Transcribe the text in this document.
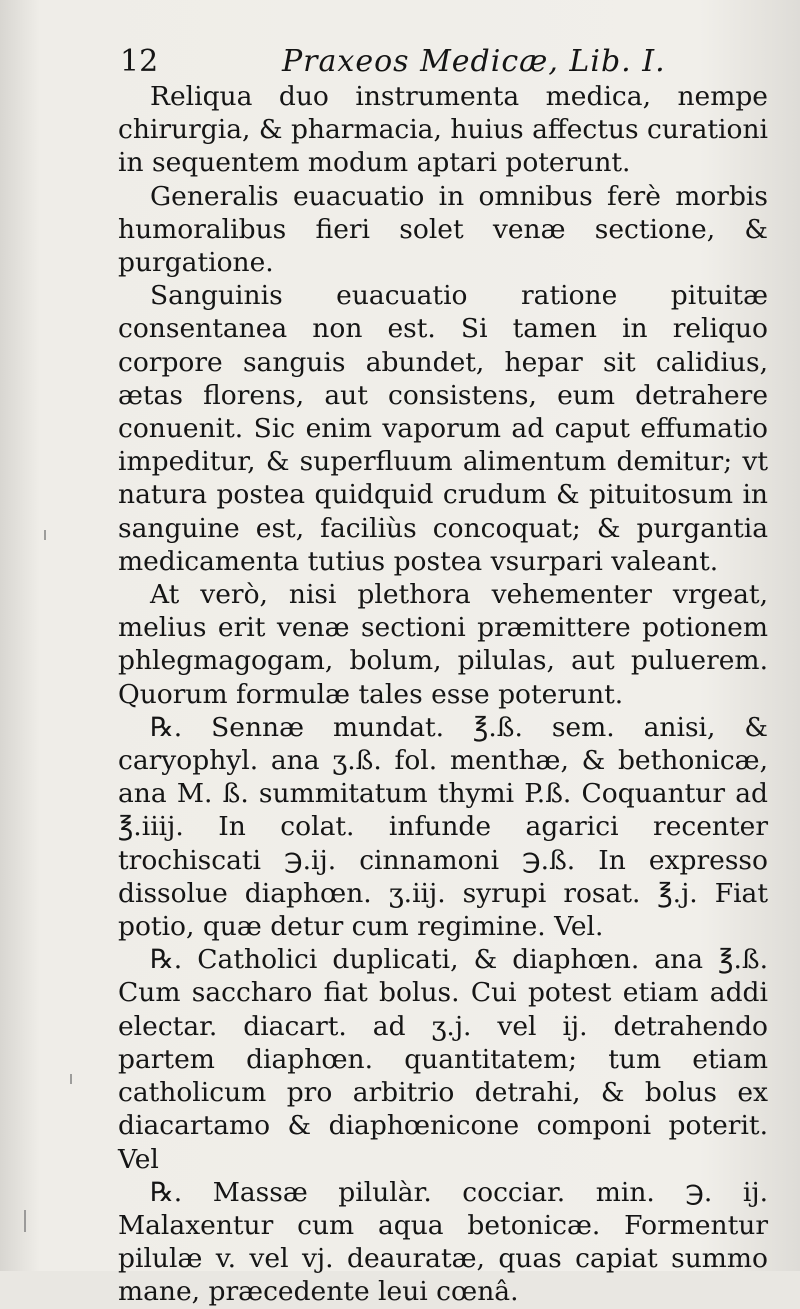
12	Praxeos Medicæ, Lib. I.

Reliqua duo instrumenta medica, nempe chirurgia, & pharmacia, huius affectus curationi in sequentem modum aptari poterunt.

Generalis euacuatio in omnibus ferè morbis humoralibus fieri solet venæ sectione, & purgatione.

Sanguinis euacuatio ratione pituitæ consentanea non est. Si tamen in reliquo corpore sanguis abundet, hepar sit calidius, ætas florens, aut consistens, eum detrahere conuenit. Sic enim vaporum ad caput effumatio impeditur, & superfluum alimentum demitur; vt natura postea quidquid crudum & pituitosum in sanguine est, faciliùs concoquat; & purgantia medicamenta tutius postea vsurpari valeant.

At verò, nisi plethora vehementer vrgeat, melius erit venæ sectioni præmittere potionem phlegmagogam, bolum, pilulas, aut puluerem. Quorum formulæ tales esse poterunt.

℞. Sennæ mundat. ℥.ß. sem. anisi, & caryophyl. ana ʒ.ß. fol. menthæ, & bethonicæ, ana M. ß. summitatum thymi P.ß. Coquantur ad ℥.iiij. In colat. infunde agarici recenter trochiscati ℈.ij. cinnamoni ℈.ß. In expresso dissolue diaphœn. ʒ.iij. syrupi rosat. ℥.j. Fiat potio, quæ detur cum regimine. Vel.

℞. Catholici duplicati, & diaphœn. ana ℥.ß. Cum saccharo fiat bolus. Cui potest etiam addi electar. diacart. ad ʒ.j. vel ij. detrahendo partem diaphœn. quantitatem; tum etiam catholicum pro arbitrio detrahi, & bolus ex diacartamo & diaphœnicone componi poterit. Vel

℞. Massæ pilulàr. cocciar. min. ℈. ij. Malaxentur cum aqua betonicæ. Formentur pilulæ v. vel vj. deauratæ, quas capiat summo mane, præcedente leui cœnâ.
